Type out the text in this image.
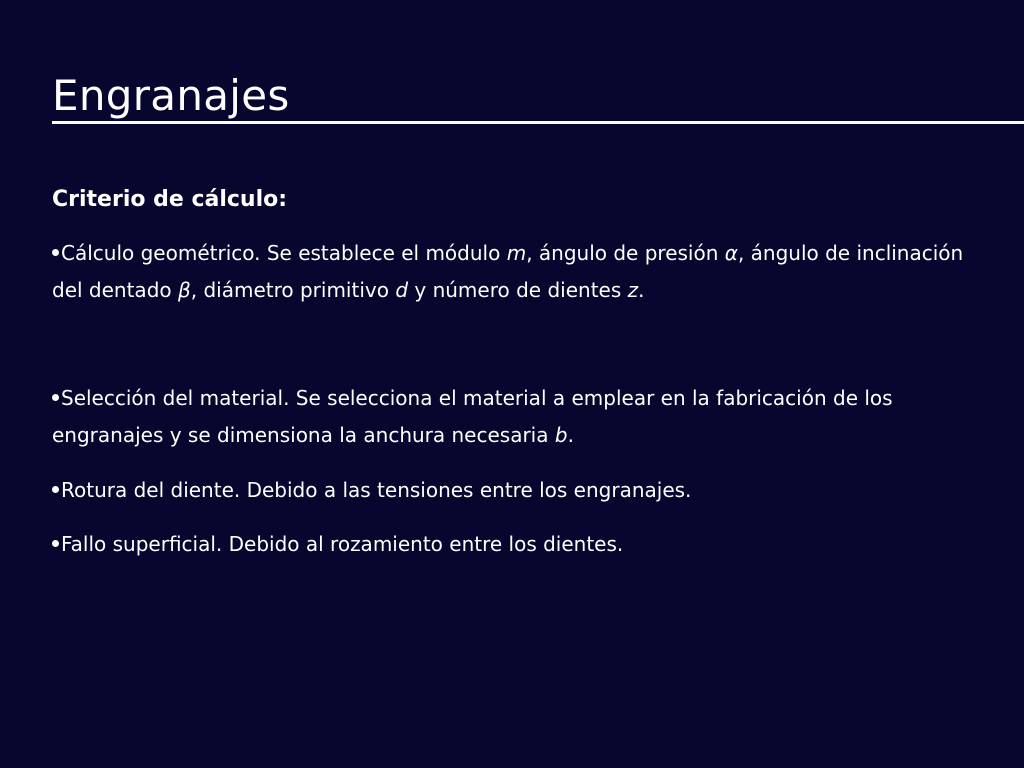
Engranajes
Criterio de cálculo:

Cálculo geométrico. Se establece el módulo m, ángulo de presión α, ángulo de inclinación del dentado β, diámetro primitivo d y número de dientes z.

Selección del material. Se selecciona el material a emplear en la fabricación de los engranajes y se dimensiona la anchura necesaria b.

Rotura del diente. Debido a las tensiones entre los engranajes.

Fallo superficial. Debido al rozamiento entre los dientes.
